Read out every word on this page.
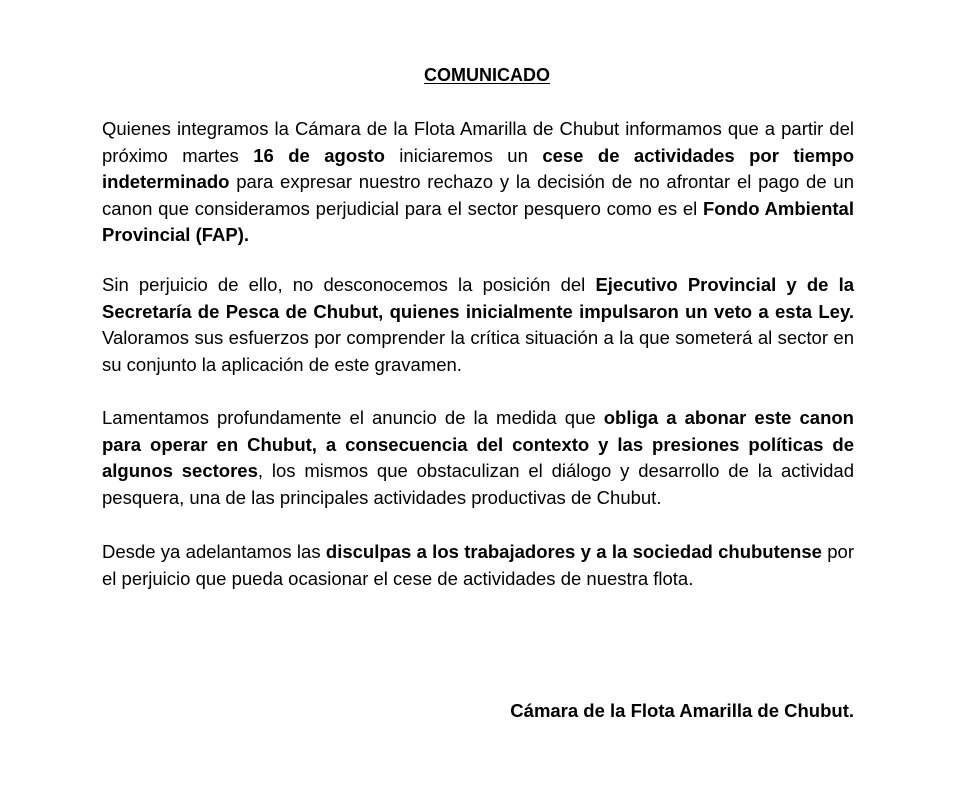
COMUNICADO

Quienes integramos la Cámara de la Flota Amarilla de Chubut informamos que a partir del próximo martes 16 de agosto iniciaremos un cese de actividades por tiempo indeterminado para expresar nuestro rechazo y la decisión de no afrontar el pago de un canon que consideramos perjudicial para el sector pesquero como es el Fondo Ambiental Provincial (FAP).

Sin perjuicio de ello, no desconocemos la posición del Ejecutivo Provincial y de la Secretaría de Pesca de Chubut, quienes inicialmente impulsaron un veto a esta Ley. Valoramos sus esfuerzos por comprender la crítica situación a la que someterá al sector en su conjunto la aplicación de este gravamen.

Lamentamos profundamente el anuncio de la medida que obliga a abonar este canon para operar en Chubut, a consecuencia del contexto y las presiones políticas de algunos sectores, los mismos que obstaculizan el diálogo y desarrollo de la actividad pesquera, una de las principales actividades productivas de Chubut.

Desde ya adelantamos las disculpas a los trabajadores y a la sociedad chubutense por el perjuicio que pueda ocasionar el cese de actividades de nuestra flota.

Cámara de la Flota Amarilla de Chubut.
